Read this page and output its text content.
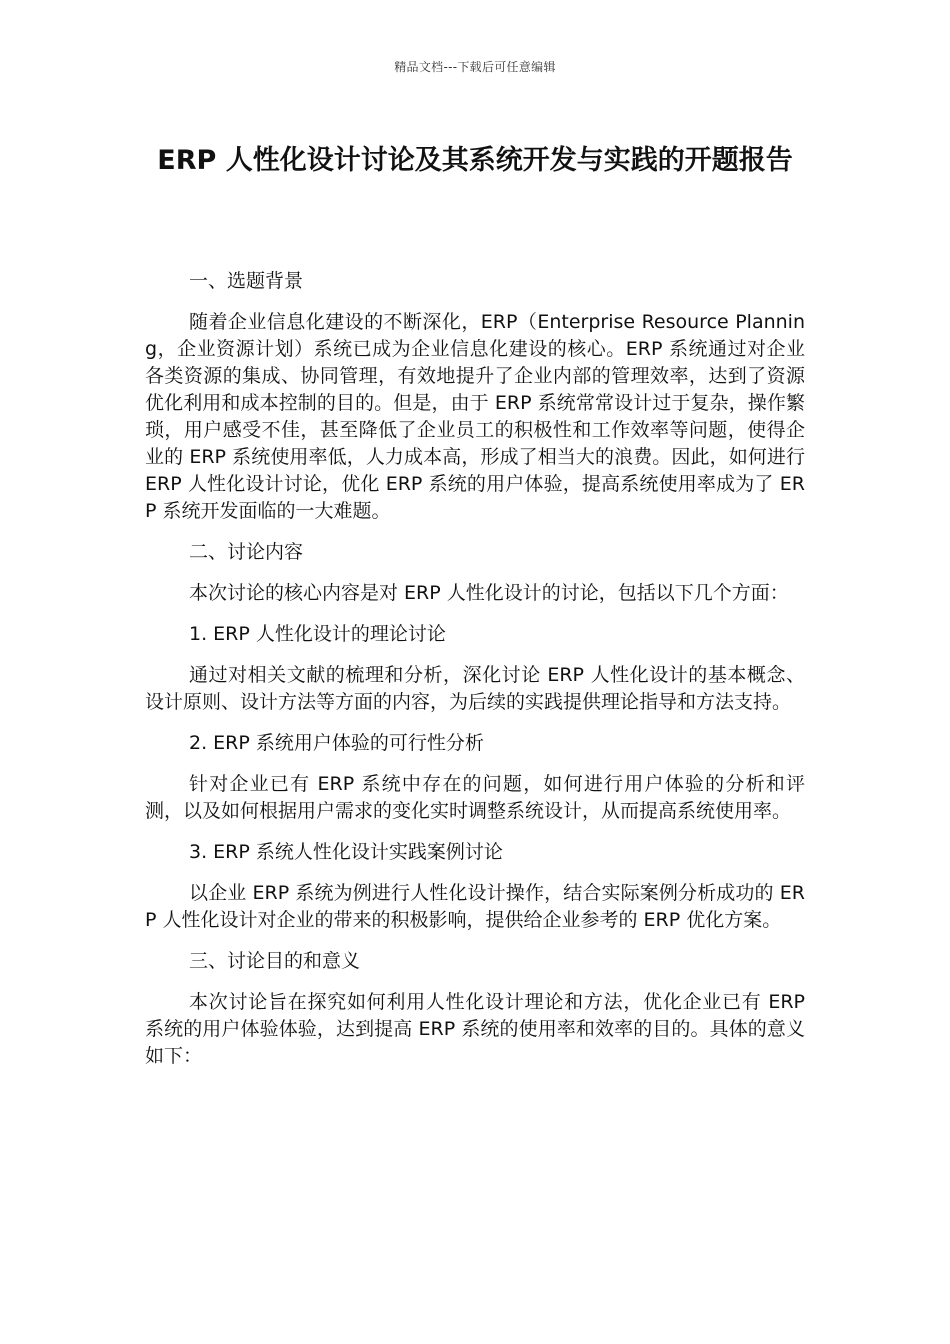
精品文档---下载后可任意编辑
ERP 人性化设计讨论及其系统开发与实践的开题报告

一、选题背景

随着企业信息化建设的不断深化，ERP（Enterprise Resource Planning，企业资源计划）系统已成为企业信息化建设的核心。ERP 系统通过对企业各类资源的集成、协同管理，有效地提升了企业内部的管理效率，达到了资源优化利用和成本控制的目的。但是，由于 ERP 系统常常设计过于复杂，操作繁琐，用户感受不佳，甚至降低了企业员工的积极性和工作效率等问题，使得企业的 ERP 系统使用率低，人力成本高，形成了相当大的浪费。因此，如何进行 ERP 人性化设计讨论，优化 ERP 系统的用户体验，提高系统使用率成为了 ERP 系统开发面临的一大难题。

二、讨论内容

本次讨论的核心内容是对 ERP 人性化设计的讨论，包括以下几个方面：

1. ERP 人性化设计的理论讨论

通过对相关文献的梳理和分析，深化讨论 ERP 人性化设计的基本概念、设计原则、设计方法等方面的内容，为后续的实践提供理论指导和方法支持。

2. ERP 系统用户体验的可行性分析

针对企业已有 ERP 系统中存在的问题，如何进行用户体验的分析和评测，以及如何根据用户需求的变化实时调整系统设计，从而提高系统使用率。

3. ERP 系统人性化设计实践案例讨论

以企业 ERP 系统为例进行人性化设计操作，结合实际案例分析成功的 ERP 人性化设计对企业的带来的积极影响，提供给企业参考的 ERP 优化方案。

三、讨论目的和意义

本次讨论旨在探究如何利用人性化设计理论和方法，优化企业已有 ERP 系统的用户体验体验，达到提高 ERP 系统的使用率和效率的目的。具体的意义如下：
